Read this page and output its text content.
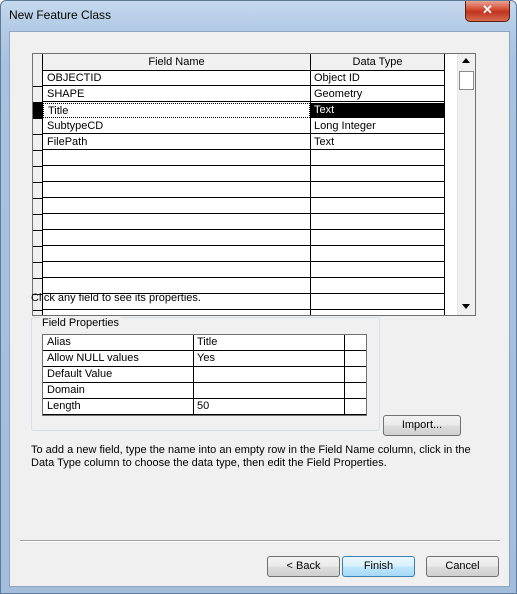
New Feature Class	✕
Field Name	Data Type
OBJECTID	Object ID
SHAPE	Geometry
Title	Text
SubtypeCD	Long Integer
FilePath	Text
Click any field to see its properties.
Field Properties
Alias	Title
Allow NULL values	Yes
Default Value
Domain
Length	50
Import...
To add a new field, type the name into an empty row in the Field Name column, click in the Data Type column to choose the data type, then edit the Field Properties.
< Back	Finish	Cancel
